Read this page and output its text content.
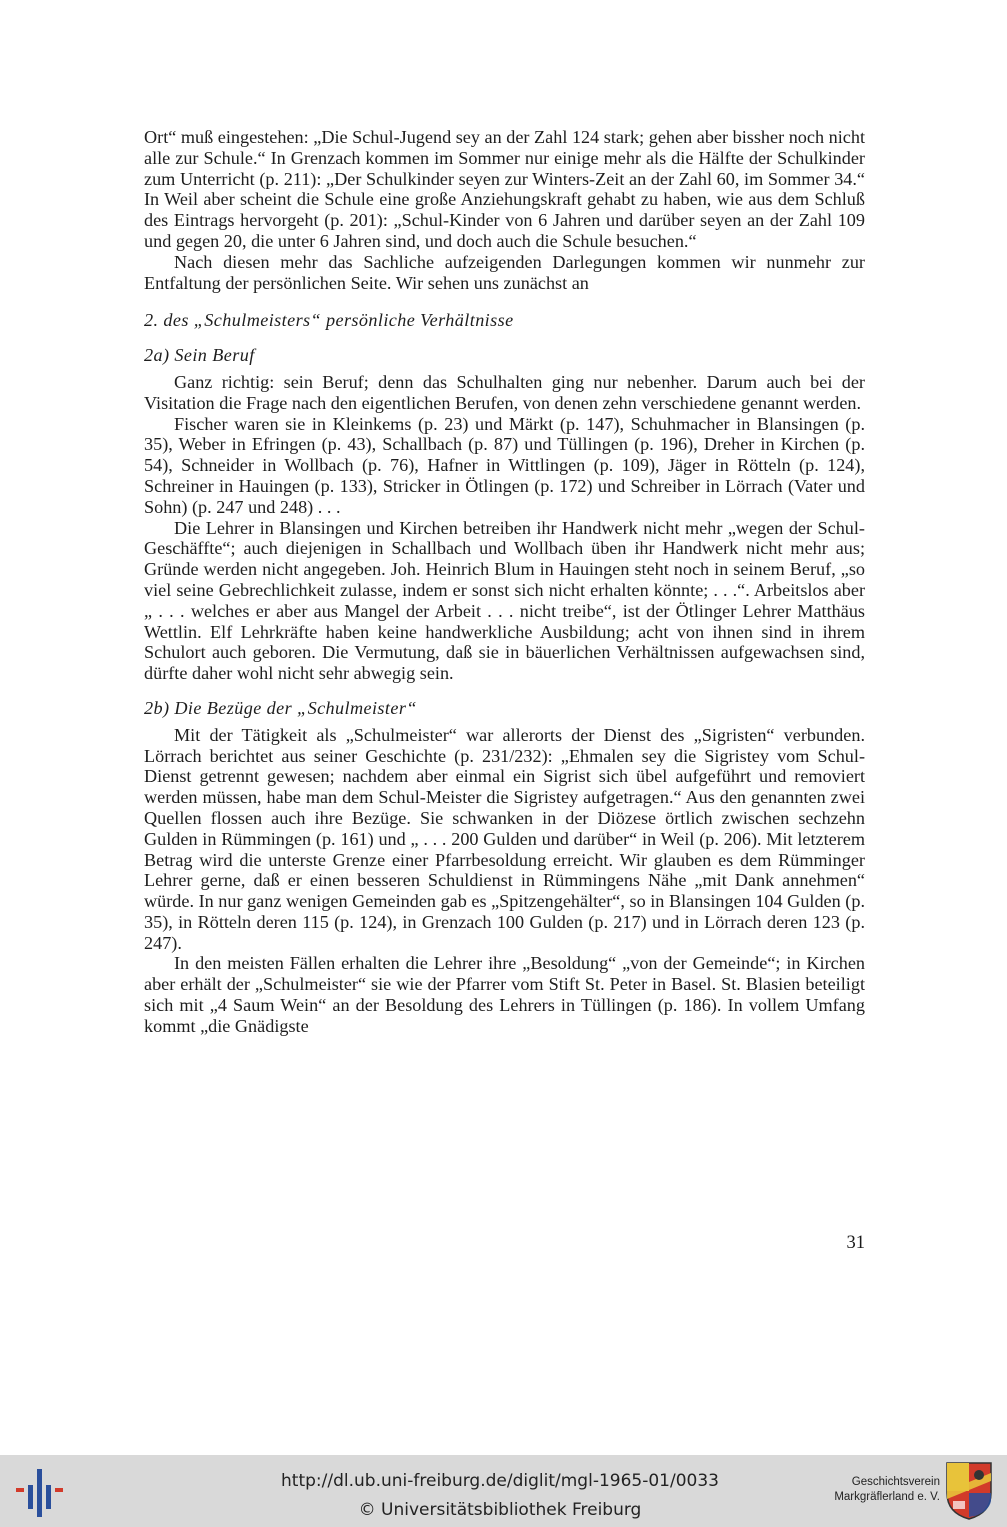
Ort“ muß eingestehen: „Die Schul-Jugend sey an der Zahl 124 stark; gehen aber bissher noch nicht alle zur Schule.“ In Grenzach kommen im Sommer nur einige mehr als die Hälfte der Schulkinder zum Unterricht (p. 211): „Der Schulkinder seyen zur Winters-Zeit an der Zahl 60, im Sommer 34.“ In Weil aber scheint die Schule eine große Anziehungskraft gehabt zu haben, wie aus dem Schluß des Eintrags hervorgeht (p. 201): „Schul-Kinder von 6 Jahren und darüber seyen an der Zahl 109 und gegen 20, die unter 6 Jahren sind, und doch auch die Schule besuchen.“

Nach diesen mehr das Sachliche aufzeigenden Darlegungen kommen wir nunmehr zur Entfaltung der persönlichen Seite. Wir sehen uns zunächst an

2. des „Schulmeisters“ persönliche Verhältnisse
2a) Sein Beruf

Ganz richtig: sein Beruf; denn das Schulhalten ging nur nebenher. Darum auch bei der Visitation die Frage nach den eigentlichen Berufen, von denen zehn verschiedene genannt werden.

Fischer waren sie in Kleinkems (p. 23) und Märkt (p. 147), Schuhmacher in Blansingen (p. 35), Weber in Efringen (p. 43), Schallbach (p. 87) und Tüllingen (p. 196), Dreher in Kirchen (p. 54), Schneider in Wollbach (p. 76), Hafner in Wittlingen (p. 109), Jäger in Rötteln (p. 124), Schreiner in Hauingen (p. 133), Stricker in Ötlingen (p. 172) und Schreiber in Lörrach (Vater und Sohn) (p. 247 und 248) . . .

Die Lehrer in Blansingen und Kirchen betreiben ihr Handwerk nicht mehr „wegen der Schul-Geschäffte“; auch diejenigen in Schallbach und Wollbach üben ihr Handwerk nicht mehr aus; Gründe werden nicht angegeben. Joh. Heinrich Blum in Hauingen steht noch in seinem Beruf, „so viel seine Gebrechlichkeit zulasse, indem er sonst sich nicht erhalten könnte; . . .“. Arbeitslos aber „ . . . welches er aber aus Mangel der Arbeit . . . nicht treibe“, ist der Ötlinger Lehrer Matthäus Wettlin. Elf Lehrkräfte haben keine handwerkliche Ausbildung; acht von ihnen sind in ihrem Schulort auch geboren. Die Vermutung, daß sie in bäuerlichen Verhältnissen aufgewachsen sind, dürfte daher wohl nicht sehr abwegig sein.

2b) Die Bezüge der „Schulmeister“

Mit der Tätigkeit als „Schulmeister“ war allerorts der Dienst des „Sigristen“ verbunden. Lörrach berichtet aus seiner Geschichte (p. 231/232): „Ehmalen sey die Sigristey vom Schul-Dienst getrennt gewesen; nachdem aber einmal ein Sigrist sich übel aufgeführt und removiert werden müssen, habe man dem Schul-Meister die Sigristey aufgetragen.“ Aus den genannten zwei Quellen flossen auch ihre Bezüge. Sie schwanken in der Diözese örtlich zwischen sechzehn Gulden in Rümmingen (p. 161) und „ . . . 200 Gulden und darüber“ in Weil (p. 206). Mit letzterem Betrag wird die unterste Grenze einer Pfarrbesoldung erreicht. Wir glauben es dem Rümminger Lehrer gerne, daß er einen besseren Schuldienst in Rümmingens Nähe „mit Dank annehmen“ würde. In nur ganz wenigen Gemeinden gab es „Spitzengehälter“, so in Blansingen 104 Gulden (p. 35), in Rötteln deren 115 (p. 124), in Grenzach 100 Gulden (p. 217) und in Lörrach deren 123 (p. 247).

In den meisten Fällen erhalten die Lehrer ihre „Besoldung“ „von der Gemeinde“; in Kirchen aber erhält der „Schulmeister“ sie wie der Pfarrer vom Stift St. Peter in Basel. St. Blasien beteiligt sich mit „4 Saum Wein“ an der Besoldung des Lehrers in Tüllingen (p. 186). In vollem Umfang kommt „die Gnädigste

31
http://dl.ub.uni-freiburg.de/diglit/mgl-1965-01/0033
© Universitätsbibliothek Freiburg
Geschichtsverein
Markgräflerland e. V.
